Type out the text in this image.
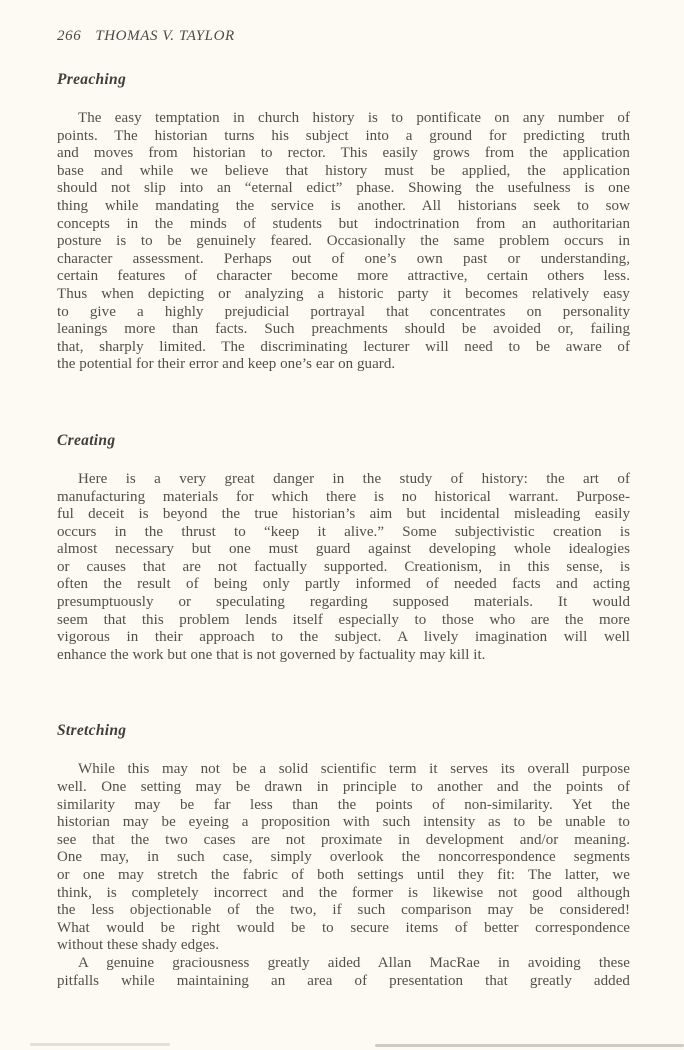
266 THOMAS V. TAYLOR
Preaching
The easy temptation in church history is to pontificate on any number of
points. The historian turns his subject into a ground for predicting truth
and moves from historian to rector. This easily grows from the application
base and while we believe that history must be applied, the application
should not slip into an “eternal edict” phase. Showing the usefulness is one
thing while mandating the service is another. All historians seek to sow
concepts in the minds of students but indoctrination from an authoritarian
posture is to be genuinely feared. Occasionally the same problem occurs in
character assessment. Perhaps out of one’s own past or understanding,
certain features of character become more attractive, certain others less.
Thus when depicting or analyzing a historic party it becomes relatively easy
to give a highly prejudicial portrayal that concentrates on personality
leanings more than facts. Such preachments should be avoided or, failing
that, sharply limited. The discriminating lecturer will need to be aware of
the potential for their error and keep one’s ear on guard.
Creating
Here is a very great danger in the study of history: the art of
manufacturing materials for which there is no historical warrant. Purpose-
ful deceit is beyond the true historian’s aim but incidental misleading easily
occurs in the thrust to “keep it alive.” Some subjectivistic creation is
almost necessary but one must guard against developing whole idealogies
or causes that are not factually supported. Creationism, in this sense, is
often the result of being only partly informed of needed facts and acting
presumptuously or speculating regarding supposed materials. It would
seem that this problem lends itself especially to those who are the more
vigorous in their approach to the subject. A lively imagination will well
enhance the work but one that is not governed by factuality may kill it.
Stretching
While this may not be a solid scientific term it serves its overall purpose
well. One setting may be drawn in principle to another and the points of
similarity may be far less than the points of non-similarity. Yet the
historian may be eyeing a proposition with such intensity as to be unable to
see that the two cases are not proximate in development and/or meaning.
One may, in such case, simply overlook the noncorrespondence segments
or one may stretch the fabric of both settings until they fit: The latter, we
think, is completely incorrect and the former is likewise not good although
the less objectionable of the two, if such comparison may be considered!
What would be right would be to secure items of better correspondence
without these shady edges.
A genuine graciousness greatly aided Allan MacRae in avoiding these
pitfalls while maintaining an area of presentation that greatly added
